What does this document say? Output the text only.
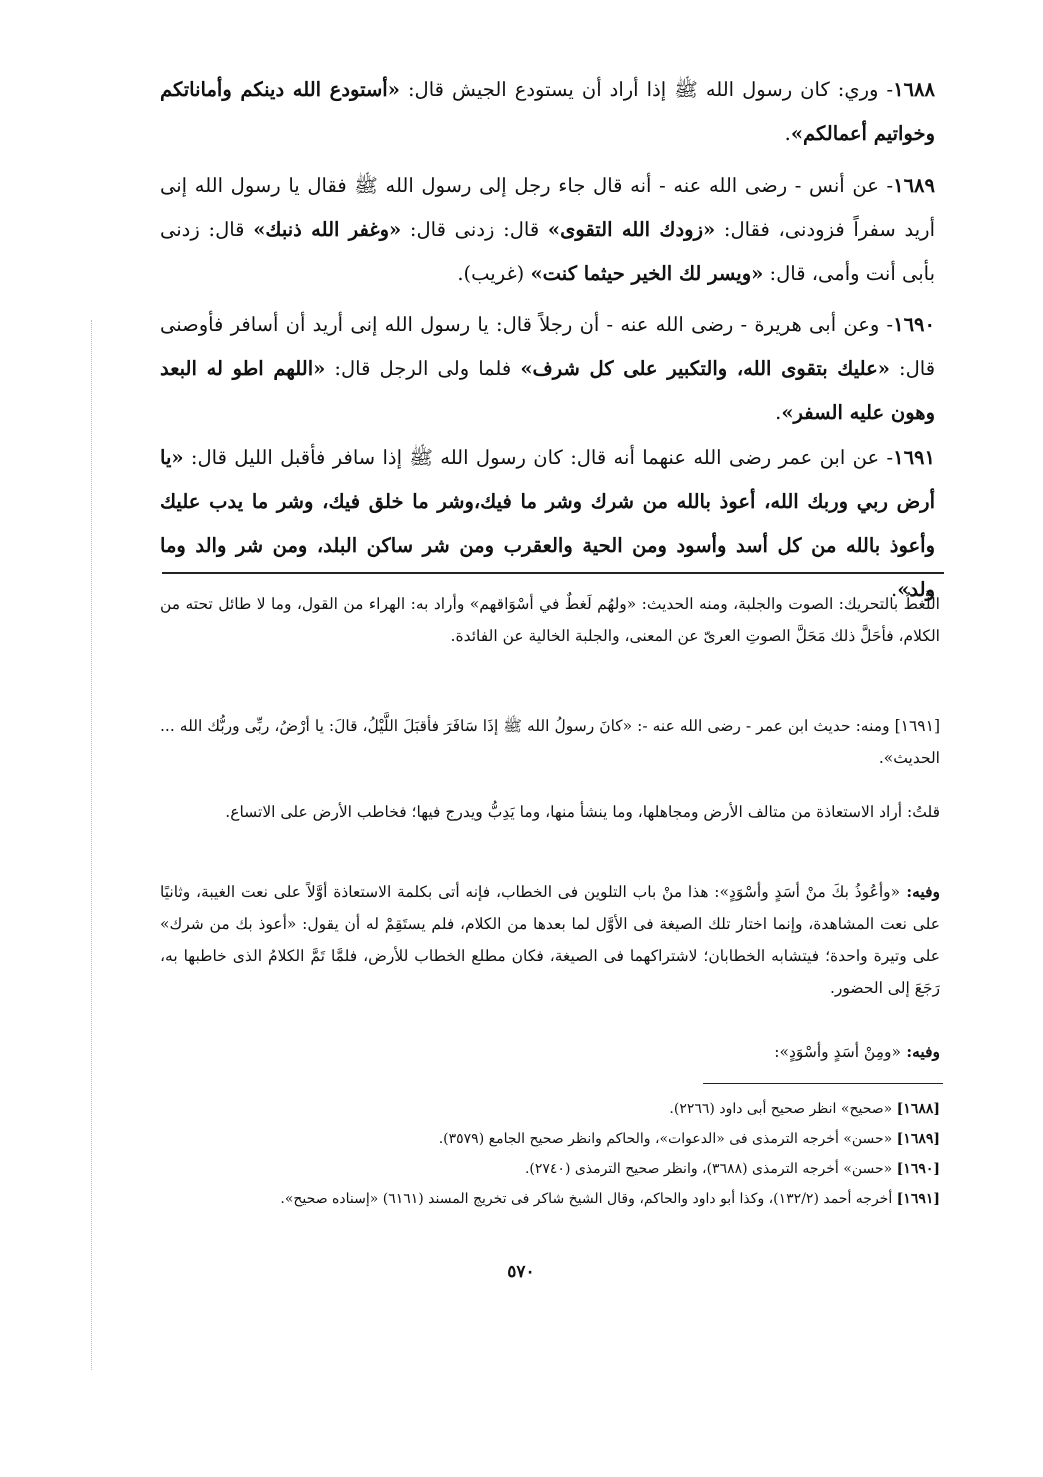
١٦٨٨- وري: كان رسول الله ﷺ إذا أراد أن يستودع الجيش قال: «أستودع الله دينكم وأماناتكم وخواتيم أعمالكم».
١٦٨٩- عن أنس - رضى الله عنه - أنه قال جاء رجل إلى رسول الله ﷺ فقال يا رسول الله إنى أريد سفراً فزودنى، فقال: «زودك الله التقوى» قال: زدنى قال: «وغفر الله ذنبك» قال: زدنى بأبى أنت وأمى، قال: «ويسر لك الخير حيثما كنت» (غريب).
١٦٩٠- وعن أبى هريرة - رضى الله عنه - أن رجلاً قال: يا رسول الله إنى أريد أن أسافر فأوصنى قال: «عليك بتقوى الله، والتكبير على كل شرف» فلما ولى الرجل قال: «اللهم اطو له البعد وهون عليه السفر».
١٦٩١- عن ابن عمر رضى الله عنهما أنه قال: كان رسول الله ﷺ إذا سافر فأقبل الليل قال: «يا أرض ربي وربك الله، أعوذ بالله من شرك وشر ما فيك،وشر ما خلق فيك، وشر ما يدب عليك وأعوذ بالله من كل أسد وأسود ومن الحية والعقرب ومن شر ساكن البلد، ومن شر والد وما ولد».
اللَّغطُ بالتحريك: الصوت والجلبة، ومنه الحديث: «ولهُم لَغطٌ في أسْوَاقهم» وأراد به: الهراء من القول، وما لا طائل تحته من الكلام، فأحَلَّ ذلك مَحَلَّ الصوتِ العرىّ عن المعنى، والجلبة الخالية عن الفائدة.
[١٦٩١] ومنه: حديث ابن عمر - رضى الله عنه -: «كانَ رسولُ الله ﷺ إذَا سَافَرَ فأقبَلَ اللَّيْلُ، قالَ: يا أرْضُ، ربِّى وربُّك الله ... الحديث».
قلتُ: أراد الاستعاذة من متالف الأرض ومجاهلها، وما ينشأ منها، وما يَدِبُّ ويدرج فيها؛ فخاطب الأرض على الاتساع.
وفيه: «وأعُوذُ بكَ منْ أسَدٍ وأسْوَدٍ»: هذا منْ باب التلوين فى الخطاب، فإنه أتى بكلمة الاستعاذة أوَّلاً على نعت الغيبة، وثانيًا على نعت المشاهدة، وإنما اختار تلك الصيغة فى الأوَّل لما بعدها من الكلام، فلم يستَقِمْ له أن يقول: «أعوذ بك من شرك» على وتيرة واحدة؛ فيتشابه الخطابان؛ لاشتراكهما فى الصيغة، فكان مطلع الخطاب للأرض، فلمَّا تَمَّ الكلامُ الذى خاطبها به، رَجَعَ إلى الحضور.
وفيه: «ومِنْ أسَدٍ وأسْوَدٍ»:
[١٦٨٨] «صحيح» انظر صحيح أبى داود (٢٢٦٦).
[١٦٨٩] «حسن» أخرجه الترمذى فى «الدعوات»، والحاكم وانظر صحيح الجامع (٣٥٧٩).
[١٦٩٠] «حسن» أخرجه الترمذى (٣٦٨٨)، وانظر صحيح الترمذى (٢٧٤٠).
[١٦٩١] أخرجه أحمد (١٣٢/٢)، وكذا أبو داود والحاكم، وقال الشيخ شاكر فى تخريج المسند (٦١٦١) «إسناده صحيح».
٥٧٠
